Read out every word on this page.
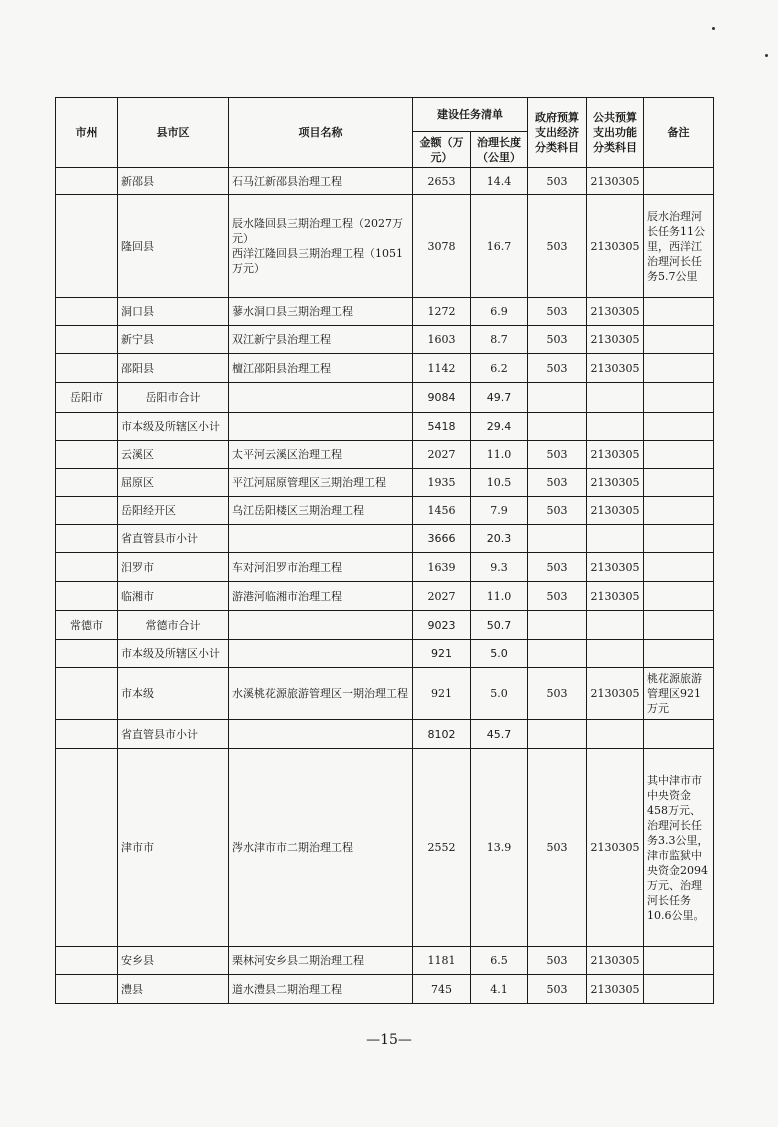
市州	县市区	项目名称	建设任务清单		政府预算支出经济分类科目	公共预算支出功能分类科目	备注
			金额（万元）	治理长度（公里）			
	新邵县	石马江新邵县治理工程	2653	14.4	503	2130305	
	隆回县	辰水隆回县三期治理工程（2027万元）
西洋江隆回县三期治理工程（1051万元）	3078	16.7	503	2130305	辰水治理河长任务11公里，西洋江治理河长任务5.7公里
	洞口县	蓼水洞口县三期治理工程	1272	6.9	503	2130305	
	新宁县	双江新宁县治理工程	1603	8.7	503	2130305	
	邵阳县	檀江邵阳县治理工程	1142	6.2	503	2130305	
岳阳市	岳阳市合计		9084	49.7			
	市本级及所辖区小计		5418	29.4			
	云溪区	太平河云溪区治理工程	2027	11.0	503	2130305	
	屈原区	平江河屈原管理区三期治理工程	1935	10.5	503	2130305	
	岳阳经开区	乌江岳阳楼区三期治理工程	1456	7.9	503	2130305	
	省直管县市小计		3666	20.3			
	汨罗市	车对河汨罗市治理工程	1639	9.3	503	2130305	
	临湘市	游港河临湘市治理工程	2027	11.0	503	2130305	
常德市	常德市合计		9023	50.7			
	市本级及所辖区小计		921	5.0			
	市本级	水溪桃花源旅游管理区一期治理工程	921	5.0	503	2130305	桃花源旅游管理区921万元
	省直管县市小计		8102	45.7			
	津市市	涔水津市市二期治理工程	2552	13.9	503	2130305	其中津市市中央资金458万元、治理河长任务3.3公里，津市监狱中央资金2094万元、治理河长任务10.6公里。
	安乡县	栗林河安乡县二期治理工程	1181	6.5	503	2130305	
	澧县	道水澧县二期治理工程	745	4.1	503	2130305	
—15—
